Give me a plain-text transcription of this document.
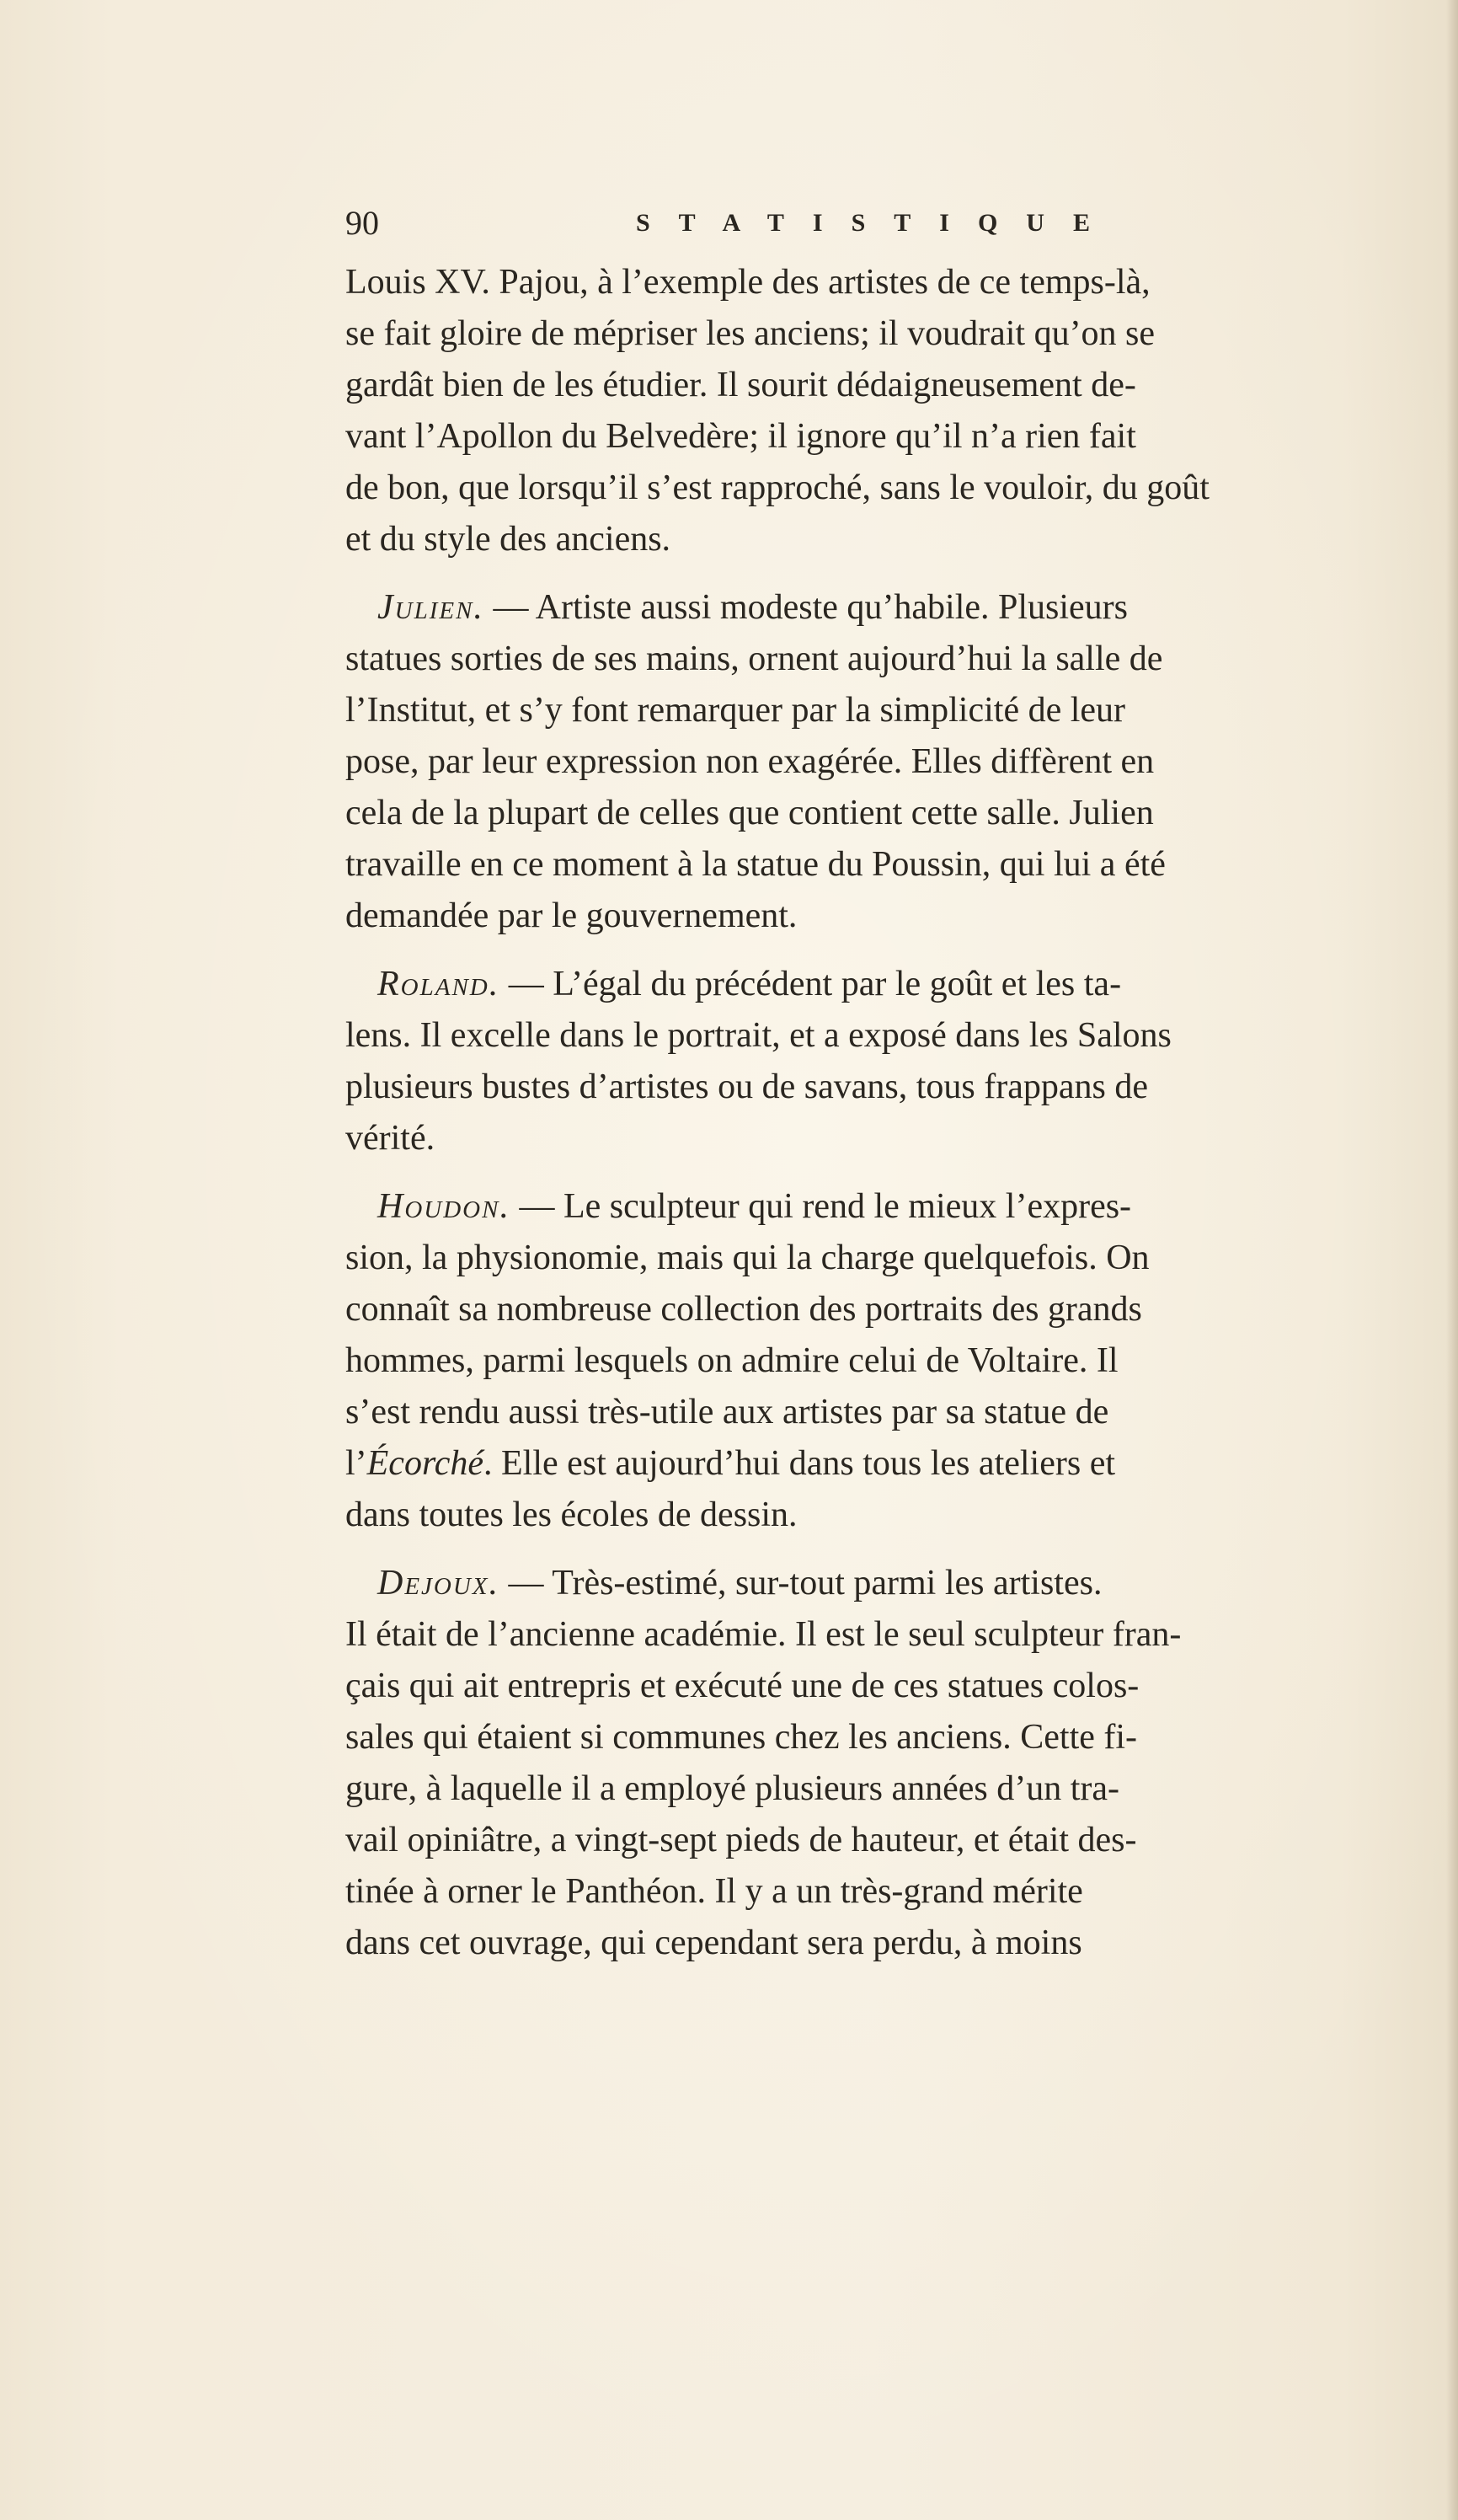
90	STATISTIQUE
Louis XV. Pajou, à l’exemple des artistes de ce temps-là,
se fait gloire de mépriser les anciens; il voudrait qu’on se
gardât bien de les étudier. Il sourit dédaigneusement de-
vant l’Apollon du Belvedère; il ignore qu’il n’a rien fait
de bon, que lorsqu’il s’est rapproché, sans le vouloir, du goût
et du style des anciens.
Julien. — Artiste aussi modeste qu’habile. Plusieurs
statues sorties de ses mains, ornent aujourd’hui la salle de
l’Institut, et s’y font remarquer par la simplicité de leur
pose, par leur expression non exagérée. Elles diffèrent en
cela de la plupart de celles que contient cette salle. Julien
travaille en ce moment à la statue du Poussin, qui lui a été
demandée par le gouvernement.
Roland. — L’égal du précédent par le goût et les ta-
lens. Il excelle dans le portrait, et a exposé dans les Salons
plusieurs bustes d’artistes ou de savans, tous frappans de
vérité.
Houdon. — Le sculpteur qui rend le mieux l’expres-
sion, la physionomie, mais qui la charge quelquefois. On
connaît sa nombreuse collection des portraits des grands
hommes, parmi lesquels on admire celui de Voltaire. Il
s’est rendu aussi très-utile aux artistes par sa statue de
l’Écorché. Elle est aujourd’hui dans tous les ateliers et
dans toutes les écoles de dessin.
Dejoux. — Très-estimé, sur-tout parmi les artistes.
Il était de l’ancienne académie. Il est le seul sculpteur fran-
çais qui ait entrepris et exécuté une de ces statues colos-
sales qui étaient si communes chez les anciens. Cette fi-
gure, à laquelle il a employé plusieurs années d’un tra-
vail opiniâtre, a vingt-sept pieds de hauteur, et était des-
tinée à orner le Panthéon. Il y a un très-grand mérite
dans cet ouvrage, qui cependant sera perdu, à moins
